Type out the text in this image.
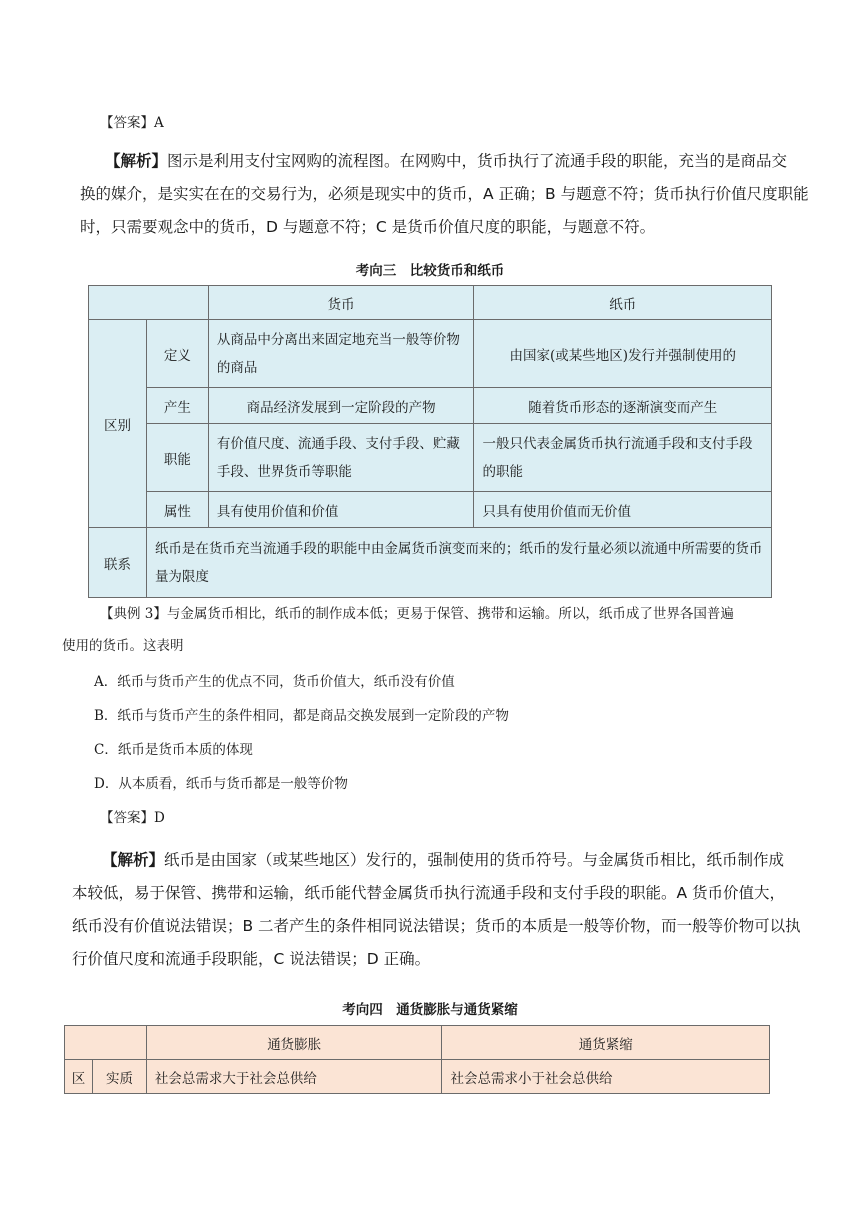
【答案】A
【解析】图示是利用支付宝网购的流程图。在网购中，货币执行了流通手段的职能，充当的是商品交
换的媒介，是实实在在的交易行为，必须是现实中的货币，A 正确；B 与题意不符；货币执行价值尺度职能
时，只需要观念中的货币，D 与题意不符；C 是货币价值尺度的职能，与题意不符。
考向三　比较货币和纸币
		货币	纸币
区别	定义	从商品中分离出来固定地充当一般等价物的商品	由国家(或某些地区)发行并强制使用的
	产生	商品经济发展到一定阶段的产物	随着货币形态的逐渐演变而产生
	职能	有价值尺度、流通手段、支付手段、贮藏手段、世界货币等职能	一般只代表金属货币执行流通手段和支付手段的职能
	属性	具有使用价值和价值	只具有使用价值而无价值
联系	纸币是在货币充当流通手段的职能中由金属货币演变而来的；纸币的发行量必须以流通中所需要的货币量为限度		
【典例 3】与金属货币相比，纸币的制作成本低；更易于保管、携带和运输。所以，纸币成了世界各国普遍
使用的货币。这表明
A．纸币与货币产生的优点不同，货币价值大，纸币没有价值
B．纸币与货币产生的条件相同，都是商品交换发展到一定阶段的产物
C．纸币是货币本质的体现
D．从本质看，纸币与货币都是一般等价物
【答案】D
【解析】纸币是由国家（或某些地区）发行的，强制使用的货币符号。与金属货币相比，纸币制作成
本较低，易于保管、携带和运输，纸币能代替金属货币执行流通手段和支付手段的职能。A 货币价值大，
纸币没有价值说法错误；B 二者产生的条件相同说法错误；货币的本质是一般等价物，而一般等价物可以执
行价值尺度和流通手段职能，C 说法错误；D 正确。
考向四　通货膨胀与通货紧缩
		通货膨胀	通货紧缩
区	实质	社会总需求大于社会总供给	社会总需求小于社会总供给
